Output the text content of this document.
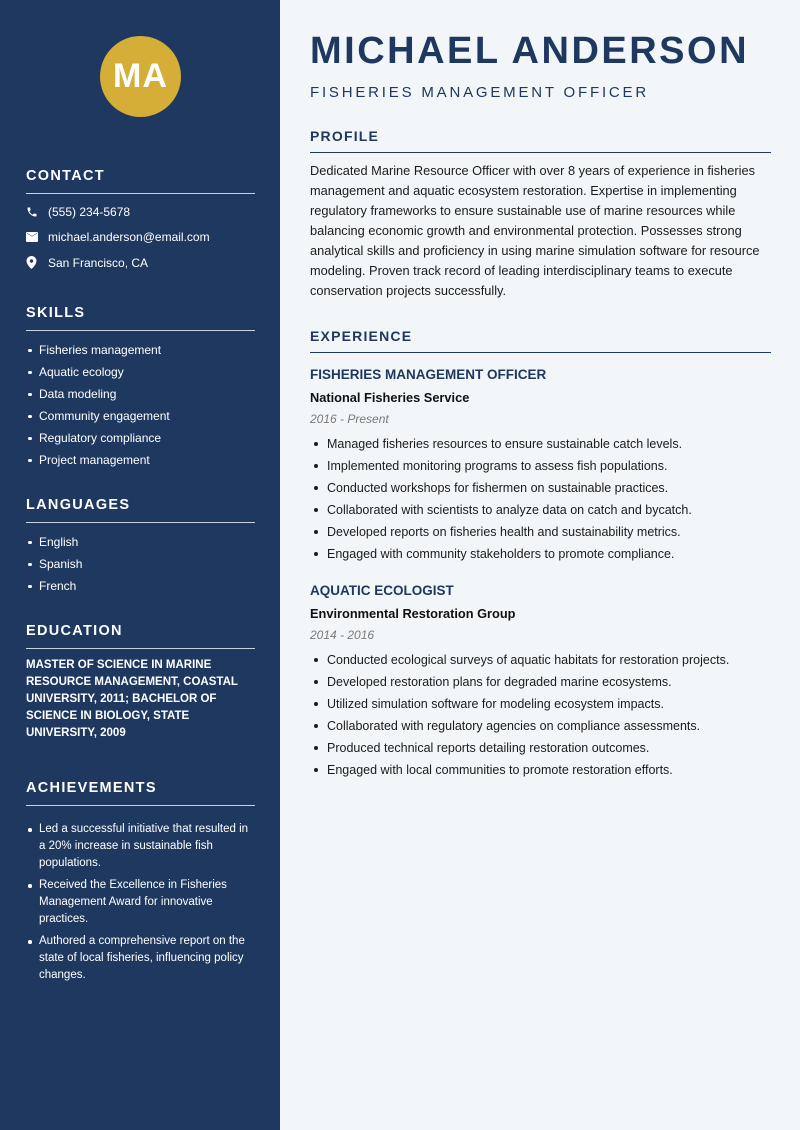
MA
CONTACT
(555) 234-5678
michael.anderson@email.com
San Francisco, CA
SKILLS
Fisheries management
Aquatic ecology
Data modeling
Community engagement
Regulatory compliance
Project management
LANGUAGES
English
Spanish
French
EDUCATION
MASTER OF SCIENCE IN MARINE RESOURCE MANAGEMENT, COASTAL UNIVERSITY, 2011; BACHELOR OF SCIENCE IN BIOLOGY, STATE UNIVERSITY, 2009
ACHIEVEMENTS
Led a successful initiative that resulted in a 20% increase in sustainable fish populations.
Received the Excellence in Fisheries Management Award for innovative practices.
Authored a comprehensive report on the state of local fisheries, influencing policy changes.
MICHAEL ANDERSON
FISHERIES MANAGEMENT OFFICER
PROFILE

Dedicated Marine Resource Officer with over 8 years of experience in fisheries management and aquatic ecosystem restoration. Expertise in implementing regulatory frameworks to ensure sustainable use of marine resources while balancing economic growth and environmental protection. Possesses strong analytical skills and proficiency in using marine simulation software for resource modeling. Proven track record of leading interdisciplinary teams to execute conservation projects successfully.

EXPERIENCE
FISHERIES MANAGEMENT OFFICER
National Fisheries Service
2016 - Present
Managed fisheries resources to ensure sustainable catch levels.
Implemented monitoring programs to assess fish populations.
Conducted workshops for fishermen on sustainable practices.
Collaborated with scientists to analyze data on catch and bycatch.
Developed reports on fisheries health and sustainability metrics.
Engaged with community stakeholders to promote compliance.
AQUATIC ECOLOGIST
Environmental Restoration Group
2014 - 2016
Conducted ecological surveys of aquatic habitats for restoration projects.
Developed restoration plans for degraded marine ecosystems.
Utilized simulation software for modeling ecosystem impacts.
Collaborated with regulatory agencies on compliance assessments.
Produced technical reports detailing restoration outcomes.
Engaged with local communities to promote restoration efforts.
